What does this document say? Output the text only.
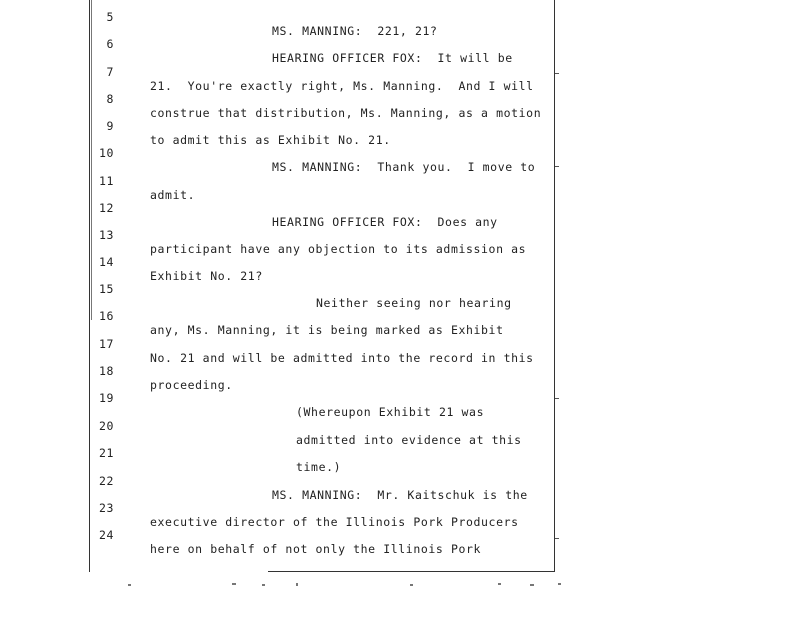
5

MS. MANNING:  221, 21?

6

HEARING OFFICER FOX:  It will be

7

21.  You're exactly right, Ms. Manning.  And I will

8

construe that distribution, Ms. Manning, as a motion

9

to admit this as Exhibit No. 21.

10

MS. MANNING:  Thank you.  I move to

11

admit.

12

HEARING OFFICER FOX:  Does any

13

participant have any objection to its admission as

14

Exhibit No. 21?

15

Neither seeing nor hearing

16

any, Ms. Manning, it is being marked as Exhibit

17

No. 21 and will be admitted into the record in this

18

proceeding.

19

(Whereupon Exhibit 21 was

20

admitted into evidence at this

21

time.)

22

MS. MANNING:  Mr. Kaitschuk is the

23

executive director of the Illinois Pork Producers

24

here on behalf of not only the Illinois Pork
